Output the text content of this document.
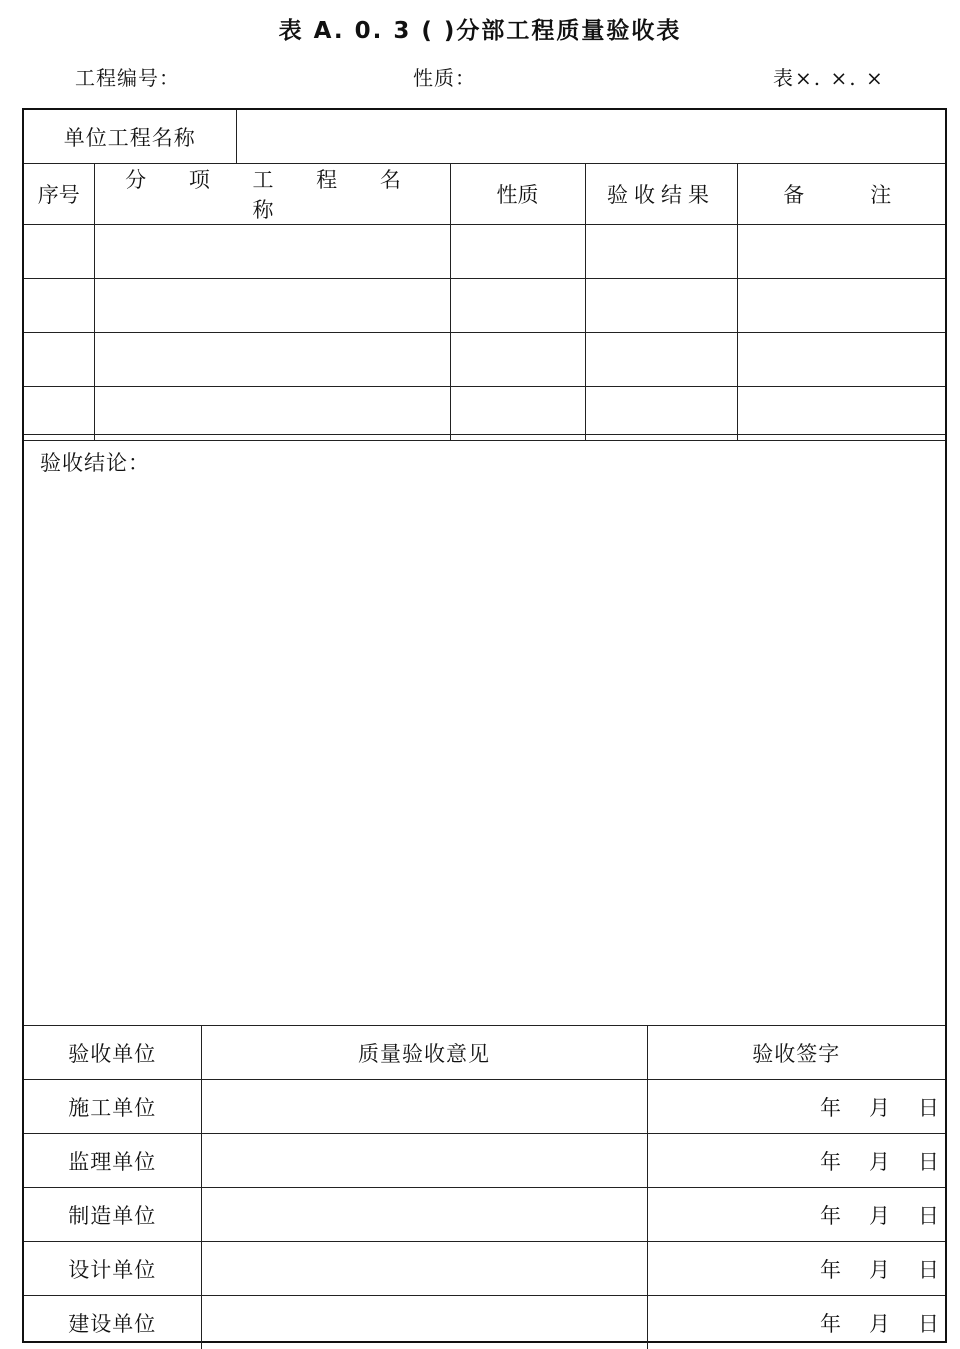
表 A. 0. 3 ( )分部工程质量验收表
工程编号：	性质：	表×. ×. ×
单位工程名称					
序号	分 项 工 程 名 称		性质	验收结果	备　　注

验收结论：
验收单位	质量验收意见	验收签字
施工单位		年 月 日

监理单位		年 月 日

制造单位		年 月 日

设计单位		年 月 日

建设单位		年 月 日
